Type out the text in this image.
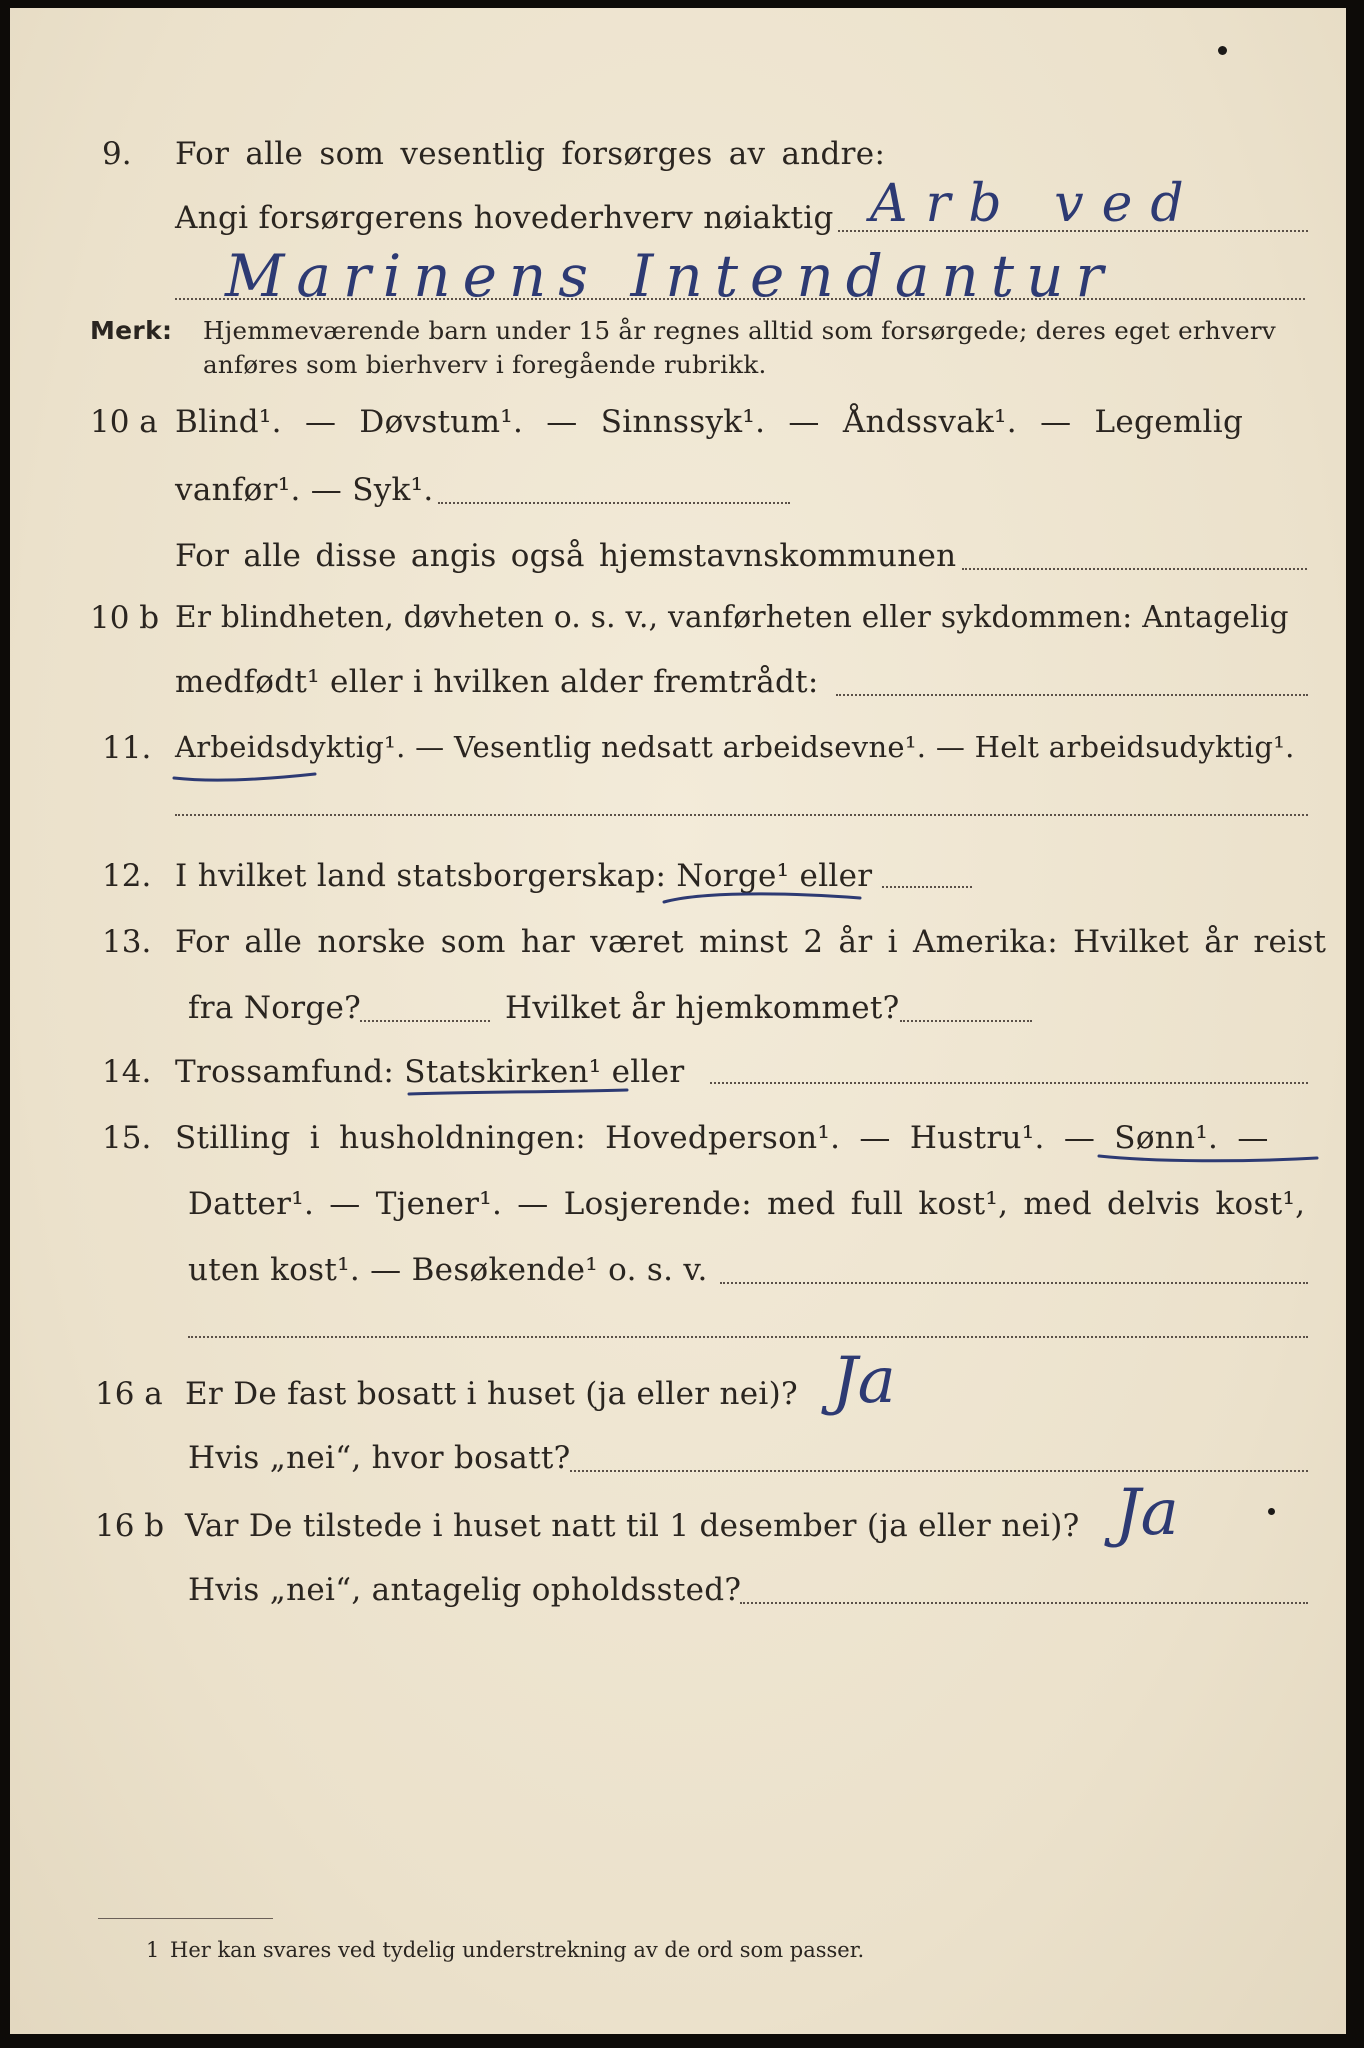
9. For alle som vesentlig forsørges av andre:
Angi forsørgerens hovederhverv nøiaktig Arb ved
Marinens Intendantur
Merk: Hjemmeværende barn under 15 år regnes alltid som forsørgede; deres eget erhverv
anføres som bierhverv i foregående rubrikk.
10 a Blind¹. — Døvstum¹. — Sinnssyk¹. — Åndssvak¹. — Legemlig
vanfør¹. — Syk¹.
For alle disse angis også hjemstavnskommunen
10 b Er blindheten, døvheten o. s. v., vanførheten eller sykdommen: Antagelig
medfødt¹ eller i hvilken alder fremtrådt:
11. Arbeidsdyktig¹. — Vesentlig nedsatt arbeidsevne¹. — Helt arbeidsudyktig¹.
12. I hvilket land statsborgerskap: Norge¹ eller
13. For alle norske som har været minst 2 år i Amerika: Hvilket år reist
fra Norge?	Hvilket år hjemkommet?
14. Trossamfund: Statskirken¹ eller
15. Stilling i husholdningen: Hovedperson¹. — Hustru¹. — Sønn¹. —
Datter¹. — Tjener¹. — Losjerende: med full kost¹, med delvis kost¹,
uten kost¹. — Besøkende¹ o. s. v.
16 a Er De fast bosatt i huset (ja eller nei)? Ja
Hvis „nei“, hvor bosatt?
16 b Var De tilstede i huset natt til 1 desember (ja eller nei)? Ja
Hvis „nei“, antagelig opholdssted?
1 Her kan svares ved tydelig understrekning av de ord som passer.
